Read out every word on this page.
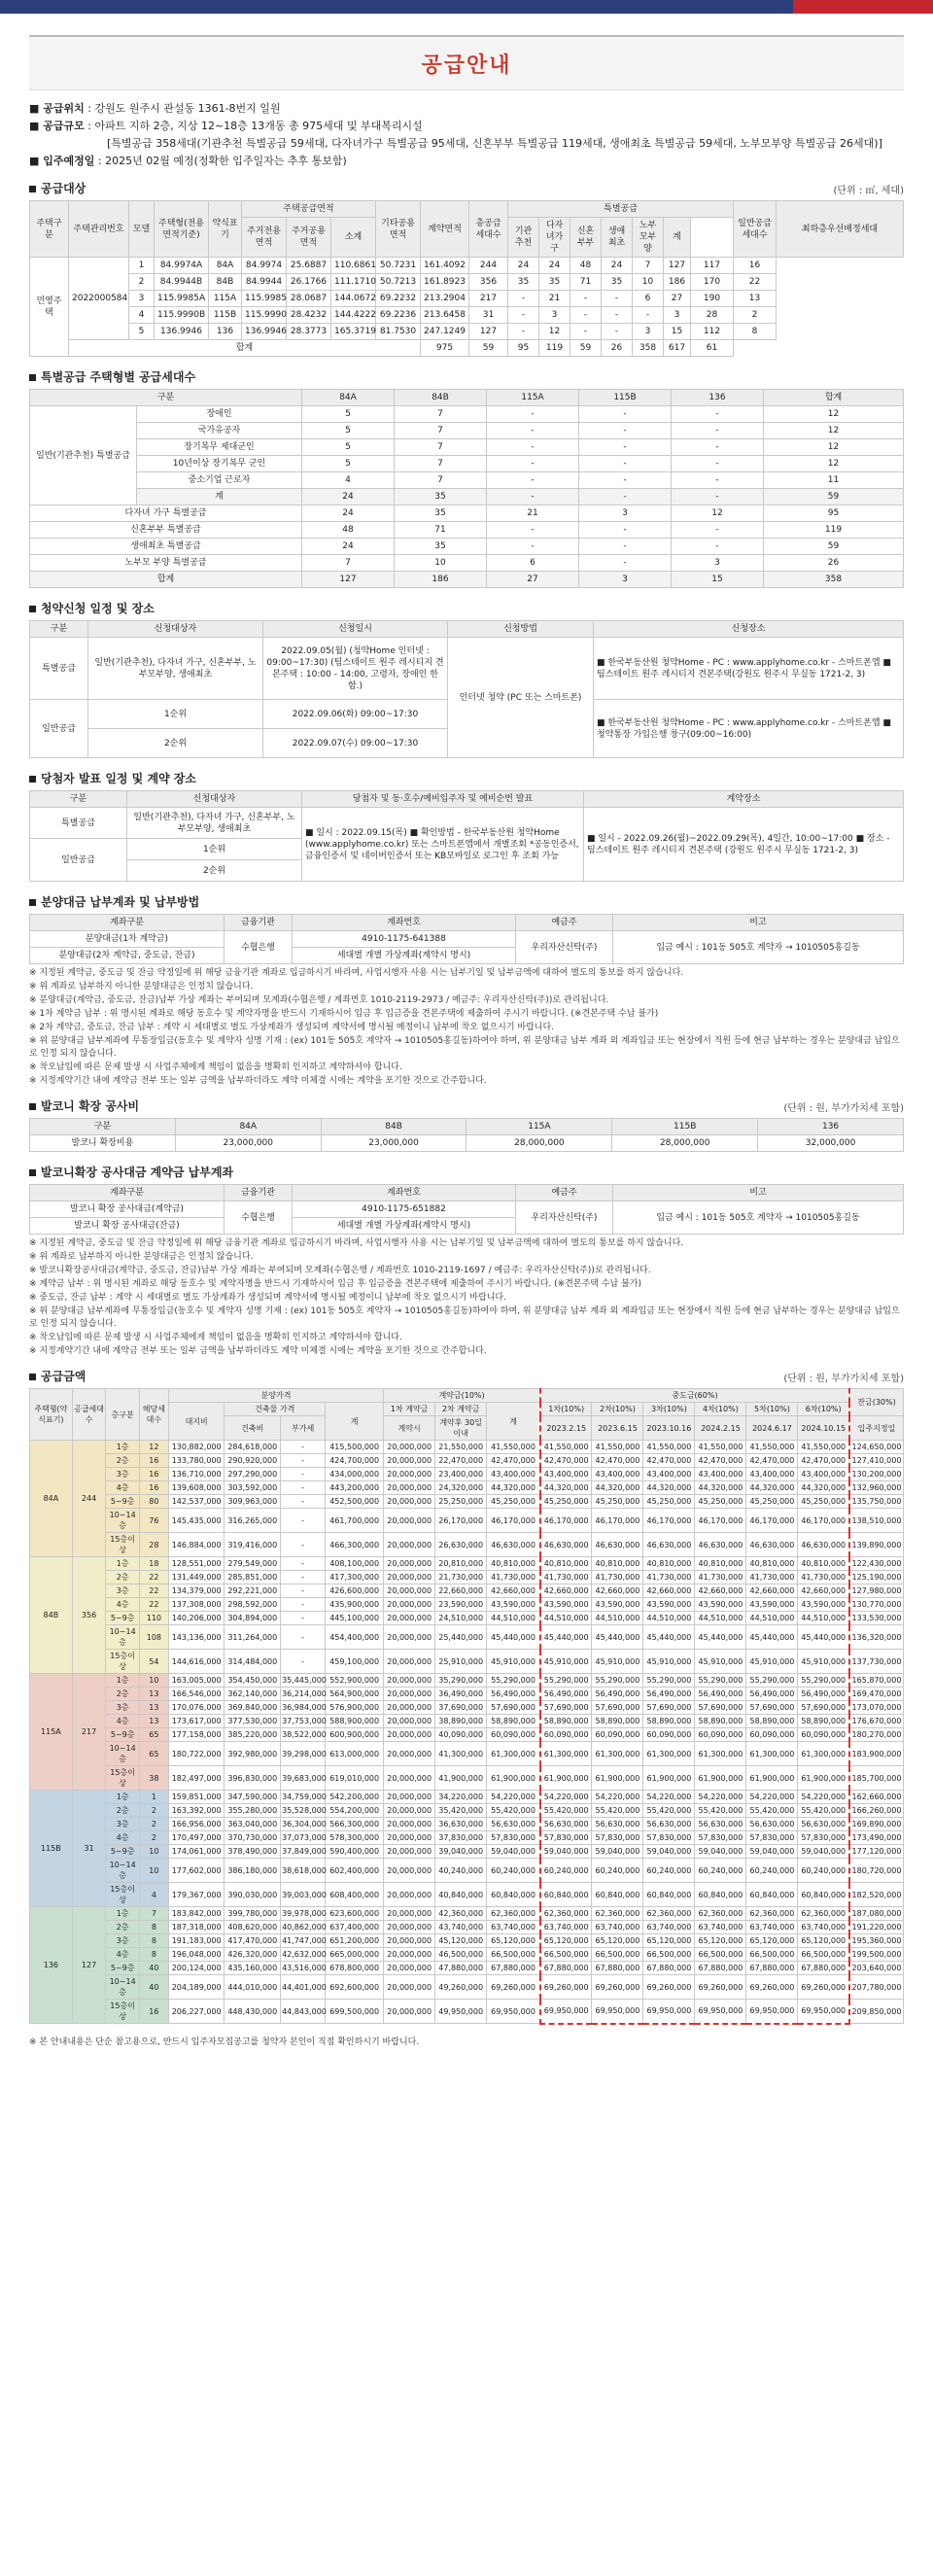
공급안내

■ 공급위치 : 강원도 원주시 관설동 1361-8번지 일원

■ 공급규모 : 아파트 지하 2층, 지상 12~18층 13개동 총 975세대 및 부대복리시설

[특별공급 358세대(기관추천 특별공급 59세대, 다자녀가구 특별공급 95세대, 신혼부부 특별공급 119세대, 생애최초 특별공급 59세대, 노부모부양 특별공급 26세대)]

■ 입주예정일 : 2025년 02월 예정(정확한 입주일자는 추후 통보함)

공급대상	(단위 : ㎡, 세대)
주택구분	주택관리번호	모델	주택형(전용면적기준)	약식표기	주택공급면적			기타공용면적	계약면적	총공급세대수	특별공급							일반공급세대수	최하층우선배정세대
					주거전용면적	주거공용면적	소계				기관추천	다자녀가구	신혼부부	생애최초	노부모부양	계			
민영주택	2022000584	1	84.9974A	84A	84.9974	25.6887	110.6861	50.7231	161.4092	244	24	24	48	24	7	127	117	16	
		2	84.9944B	84B	84.9944	26.1766	111.1710	50.7213	161.8923	356	35	35	71	35	10	186	170	22	
		3	115.9985A	115A	115.9985	28.0687	144.0672	69.2232	213.2904	217	-	21	-	-	6	27	190	13	
		4	115.9990B	115B	115.9990	28.4232	144.4222	69.2236	213.6458	31	-	3	-	-	-	3	28	2	
		5	136.9946	136	136.9946	28.3773	165.3719	81.7530	247.1249	127	-	12	-	-	3	15	112	8	
	합계								975	59	95	119	59	26	358	617	61		
특별공급 주택형별 공급세대수
구분		84A	84B	115A	115B	136	합계
일반(기관추천) 특별공급	장애인	5	7	-	-	-	12
	국가유공자	5	7	-	-	-	12
	장기복무 제대군인	5	7	-	-	-	12
	10년이상 장기복무 군인	5	7	-	-	-	12
	중소기업 근로자	4	7	-	-	-	11
	계	24	35	-	-	-	59
다자녀 가구 특별공급		24	35	21	3	12	95
신혼부부 특별공급		48	71	-	-	-	119
생애최초 특별공급		24	35	-	-	-	59
노부모 부양 특별공급		7	10	6	-	3	26
합계		127	186	27	3	15	358
청약신청 일정 및 장소
구분	신청대상자	신청일시	신청방법	신청장소
특별공급	일반(기관추천), 다자녀 가구, 신혼부부, 노부모부양, 생애최초	2022.09.05(월) (청약Home 인터넷 : 09:00~17:30) (팀스테이트 원주 레시티지 견본주택 : 10:00 - 14:00, 고령자, 장애인 한함.)	인터넷 청약 (PC 또는 스마트폰)	■ 한국부동산원 청약Home - PC : www.applyhome.co.kr - 스마트폰앱 ■ 팀스테이트 원주 레시티지 견본주택(강원도 원주시 무실동 1721-2, 3)
일반공급	1순위	2022.09.06(화) 09:00~17:30		■ 한국부동산원 청약Home - PC : www.applyhome.co.kr - 스마트폰앱 ■ 청약통장 가입은행 창구(09:00~16:00)
	2순위	2022.09.07(수) 09:00~17:30		
당첨자 발표 일정 및 계약 장소
구분	신청대상자	당첨자 및 동·호수/예비입주자 및 예비순번 발표	계약장소
특별공급	일반(기관추천), 다자녀 가구, 신혼부부, 노부모부양, 생애최초	■ 일시 : 2022.09.15(목) ■ 확인방법 - 한국부동산원 청약Home (www.applyhome.co.kr) 또는 스마트폰앱에서 개별조회 *공동인증서, 금융인증서 및 네이버인증서 또는 KB모바일로 로그인 후 조회 가능	■ 일시 - 2022.09.26(월)~2022.09.29(목), 4일간, 10:00~17:00 ■ 장소 - 팀스테이트 원주 레시티지 견본주택 (강원도 원주시 무실동 1721-2, 3)
일반공급	1순위		
	2순위		
분양대금 납부계좌 및 납부방법
계좌구분	금융기관	계좌번호	예금주	비고
분양대금(1차 계약금)	수협은행	4910-1175-641388	우리자산신탁(주)	입금 예시 : 101동 505호 계약자 → 1010505홍길동
분양대금(2차 계약금, 중도금, 잔금)		세대별 개별 가상계좌(계약시 명시)		

※ 지정된 계약금, 중도금 및 잔금 약정일에 위 해당 금융기관 계좌로 입금하시기 바라며, 사업시행자 사용 시는 납부기일 및 납부금액에 대하여 별도의 통보를 하지 않습니다.

※ 위 계좌로 납부하지 아니한 분양대금은 인정치 않습니다.

※ 분양대금(계약금, 중도금, 잔금)납부 가상 계좌는 부여되며 모계좌(수협은행 / 계좌번호 1010-2119-2973 / 예금주: 우리자산신탁(주))로 관리됩니다.

※ 1차 계약금 납부 : 위 명시된 계좌로 해당 동호수 및 계약자명을 반드시 기재하시어 입금 후 입금증을 견본주택에 제출하여 주시기 바랍니다. (※견본주택 수납 불가)

※ 2차 계약금, 중도금, 잔금 납부 : 계약 시 세대별로 별도 가상계좌가 생성되며 계약서에 명시될 예정이니 납부에 착오 없으시기 바랍니다.

※ 위 분양대금 납부계좌에 무통장입금(동호수 및 계약자 성명 기재 : (ex) 101동 505호 계약자 → 1010505홍길동)하여야 하며, 위 분양대금 납부 계좌 외 계좌입금 또는 현장에서 직원 등에 현금 납부하는 경우는 분양대금 납입으로 인정 되지 않습니다.

※ 착오납입에 따른 문제 발생 시 사업주체에게 책임이 없음을 명확히 인지하고 계약하셔야 합니다.

※ 지정계약기간 내에 계약금 전부 또는 일부 금액을 납부하더라도 계약 미체결 시에는 계약을 포기한 것으로 간주합니다.

발코니 확장 공사비	(단위 : 원, 부가가치세 포함)
구분	84A	84B	115A	115B	136
발코니 확장비용	23,000,000	23,000,000	28,000,000	28,000,000	32,000,000
발코니확장 공사대금 계약금 납부계좌
계좌구분	금융기관	계좌번호	예금주	비고
발코니 확장 공사대금(계약금)	수협은행	4910-1175-651882	우리자산신탁(주)	입금 예시 : 101동 505호 계약자 → 1010505홍길동
발코니 확장 공사대금(잔금)		세대별 개별 가상계좌(계약시 명시)		

※ 지정된 계약금, 중도금 및 잔금 약정일에 위 해당 금융기관 계좌로 입금하시기 바라며, 사업시행자 사용 시는 납부기일 및 납부금액에 대하여 별도의 통보를 하지 않습니다.

※ 위 계좌로 납부하지 아니한 분양대금은 인정치 않습니다.

※ 발코니확장공사대금(계약금, 중도금, 잔금)납부 가상 계좌는 부여되며 모계좌(수협은행 / 계좌번호 1010-2119-1697 / 예금주: 우리자산신탁(주))로 관리됩니다.

※ 계약금 납부 : 위 명시된 계좌로 해당 동호수 및 계약자명을 반드시 기재하시어 입금 후 입금증을 견본주택에 제출하여 주시기 바랍니다. (※견본주택 수납 불가)

※ 중도금, 잔금 납부 : 계약 시 세대별로 별도 가상계좌가 생성되며 계약서에 명시될 예정이니 납부에 착오 없으시기 바랍니다.

※ 위 분양대금 납부계좌에 무통장입금(동호수 및 계약자 성명 기재 : (ex) 101동 505호 계약자 → 1010505홍길동)하여야 하며, 위 분양대금 납부 계좌 외 계좌입금 또는 현장에서 직원 등에 현금 납부하는 경우는 분양대금 납입으로 인정 되지 않습니다.

※ 착오납입에 따른 문제 발생 시 사업주체에게 책임이 없음을 명확히 인지하고 계약하셔야 합니다.

※ 지정계약기간 내에 계약금 전부 또는 일부 금액을 납부하더라도 계약 미체결 시에는 계약을 포기한 것으로 간주합니다.

공급금액	(단위 : 원, 부가가치세 포함)
주택형(약식표기)	공급세대수	층구분	해당세대수	분양가격				계약금(10%)			중도금(60%)						잔금(30%)
				대지비	건축물 가격		계	1차 계약금	2차 계약금	계	1차(10%)	2차(10%)	3차(10%)	4차(10%)	5차(10%)	6차(10%)	
					건축비	부가세											입주지정일
								계약시	계약후 30일이내		2023.2.15	2023.6.15	2023.10.16	2024.2.15	2024.6.17	2024.10.15	
84A	244	1층	12	130,882,000	284,618,000	-	415,500,000	20,000,000	21,550,000	41,550,000	41,550,000	41,550,000	41,550,000	41,550,000	41,550,000	41,550,000	124,650,000
		2층	16	133,780,000	290,920,000	-	424,700,000	20,000,000	22,470,000	42,470,000	42,470,000	42,470,000	42,470,000	42,470,000	42,470,000	42,470,000	127,410,000
		3층	16	136,710,000	297,290,000	-	434,000,000	20,000,000	23,400,000	43,400,000	43,400,000	43,400,000	43,400,000	43,400,000	43,400,000	43,400,000	130,200,000
		4층	16	139,608,000	303,592,000	-	443,200,000	20,000,000	24,320,000	44,320,000	44,320,000	44,320,000	44,320,000	44,320,000	44,320,000	44,320,000	132,960,000
		5~9층	80	142,537,000	309,963,000	-	452,500,000	20,000,000	25,250,000	45,250,000	45,250,000	45,250,000	45,250,000	45,250,000	45,250,000	45,250,000	135,750,000
		10~14층	76	145,435,000	316,265,000	-	461,700,000	20,000,000	26,170,000	46,170,000	46,170,000	46,170,000	46,170,000	46,170,000	46,170,000	46,170,000	138,510,000
		15층이상	28	146,884,000	319,416,000	-	466,300,000	20,000,000	26,630,000	46,630,000	46,630,000	46,630,000	46,630,000	46,630,000	46,630,000	46,630,000	139,890,000
84B	356	1층	18	128,551,000	279,549,000	-	408,100,000	20,000,000	20,810,000	40,810,000	40,810,000	40,810,000	40,810,000	40,810,000	40,810,000	40,810,000	122,430,000
		2층	22	131,449,000	285,851,000	-	417,300,000	20,000,000	21,730,000	41,730,000	41,730,000	41,730,000	41,730,000	41,730,000	41,730,000	41,730,000	125,190,000
		3층	22	134,379,000	292,221,000	-	426,600,000	20,000,000	22,660,000	42,660,000	42,660,000	42,660,000	42,660,000	42,660,000	42,660,000	42,660,000	127,980,000
		4층	22	137,308,000	298,592,000	-	435,900,000	20,000,000	23,590,000	43,590,000	43,590,000	43,590,000	43,590,000	43,590,000	43,590,000	43,590,000	130,770,000
		5~9층	110	140,206,000	304,894,000	-	445,100,000	20,000,000	24,510,000	44,510,000	44,510,000	44,510,000	44,510,000	44,510,000	44,510,000	44,510,000	133,530,000
		10~14층	108	143,136,000	311,264,000	-	454,400,000	20,000,000	25,440,000	45,440,000	45,440,000	45,440,000	45,440,000	45,440,000	45,440,000	45,440,000	136,320,000
		15층이상	54	144,616,000	314,484,000	-	459,100,000	20,000,000	25,910,000	45,910,000	45,910,000	45,910,000	45,910,000	45,910,000	45,910,000	45,910,000	137,730,000
115A	217	1층	10	163,005,000	354,450,000	35,445,000	552,900,000	20,000,000	35,290,000	55,290,000	55,290,000	55,290,000	55,290,000	55,290,000	55,290,000	55,290,000	165,870,000
		2층	13	166,546,000	362,140,000	36,214,000	564,900,000	20,000,000	36,490,000	56,490,000	56,490,000	56,490,000	56,490,000	56,490,000	56,490,000	56,490,000	169,470,000
		3층	13	170,076,000	369,840,000	36,984,000	576,900,000	20,000,000	37,690,000	57,690,000	57,690,000	57,690,000	57,690,000	57,690,000	57,690,000	57,690,000	173,070,000
		4층	13	173,617,000	377,530,000	37,753,000	588,900,000	20,000,000	38,890,000	58,890,000	58,890,000	58,890,000	58,890,000	58,890,000	58,890,000	58,890,000	176,670,000
		5~9층	65	177,158,000	385,220,000	38,522,000	600,900,000	20,000,000	40,090,000	60,090,000	60,090,000	60,090,000	60,090,000	60,090,000	60,090,000	60,090,000	180,270,000
		10~14층	65	180,722,000	392,980,000	39,298,000	613,000,000	20,000,000	41,300,000	61,300,000	61,300,000	61,300,000	61,300,000	61,300,000	61,300,000	61,300,000	183,900,000
		15층이상	38	182,497,000	396,830,000	39,683,000	619,010,000	20,000,000	41,900,000	61,900,000	61,900,000	61,900,000	61,900,000	61,900,000	61,900,000	61,900,000	185,700,000
115B	31	1층	1	159,851,000	347,590,000	34,759,000	542,200,000	20,000,000	34,220,000	54,220,000	54,220,000	54,220,000	54,220,000	54,220,000	54,220,000	54,220,000	162,660,000
		2층	2	163,392,000	355,280,000	35,528,000	554,200,000	20,000,000	35,420,000	55,420,000	55,420,000	55,420,000	55,420,000	55,420,000	55,420,000	55,420,000	166,260,000
		3층	2	166,956,000	363,040,000	36,304,000	566,300,000	20,000,000	36,630,000	56,630,000	56,630,000	56,630,000	56,630,000	56,630,000	56,630,000	56,630,000	169,890,000
		4층	2	170,497,000	370,730,000	37,073,000	578,300,000	20,000,000	37,830,000	57,830,000	57,830,000	57,830,000	57,830,000	57,830,000	57,830,000	57,830,000	173,490,000
		5~9층	10	174,061,000	378,490,000	37,849,000	590,400,000	20,000,000	39,040,000	59,040,000	59,040,000	59,040,000	59,040,000	59,040,000	59,040,000	59,040,000	177,120,000
		10~14층	10	177,602,000	386,180,000	38,618,000	602,400,000	20,000,000	40,240,000	60,240,000	60,240,000	60,240,000	60,240,000	60,240,000	60,240,000	60,240,000	180,720,000
		15층이상	4	179,367,000	390,030,000	39,003,000	608,400,000	20,000,000	40,840,000	60,840,000	60,840,000	60,840,000	60,840,000	60,840,000	60,840,000	60,840,000	182,520,000
136	127	1층	7	183,842,000	399,780,000	39,978,000	623,600,000	20,000,000	42,360,000	62,360,000	62,360,000	62,360,000	62,360,000	62,360,000	62,360,000	62,360,000	187,080,000
		2층	8	187,318,000	408,620,000	40,862,000	637,400,000	20,000,000	43,740,000	63,740,000	63,740,000	63,740,000	63,740,000	63,740,000	63,740,000	63,740,000	191,220,000
		3층	8	191,183,000	417,470,000	41,747,000	651,200,000	20,000,000	45,120,000	65,120,000	65,120,000	65,120,000	65,120,000	65,120,000	65,120,000	65,120,000	195,360,000
		4층	8	196,048,000	426,320,000	42,632,000	665,000,000	20,000,000	46,500,000	66,500,000	66,500,000	66,500,000	66,500,000	66,500,000	66,500,000	66,500,000	199,500,000
		5~9층	40	200,124,000	435,160,000	43,516,000	678,800,000	20,000,000	47,880,000	67,880,000	67,880,000	67,880,000	67,880,000	67,880,000	67,880,000	67,880,000	203,640,000
		10~14층	40	204,189,000	444,010,000	44,401,000	692,600,000	20,000,000	49,260,000	69,260,000	69,260,000	69,260,000	69,260,000	69,260,000	69,260,000	69,260,000	207,780,000
		15층이상	16	206,227,000	448,430,000	44,843,000	699,500,000	20,000,000	49,950,000	69,950,000	69,950,000	69,950,000	69,950,000	69,950,000	69,950,000	69,950,000	209,850,000
※ 본 안내내용은 단순 참고용으로, 반드시 입주자모집공고를 청약자 본인이 직접 확인하시기 바랍니다.
